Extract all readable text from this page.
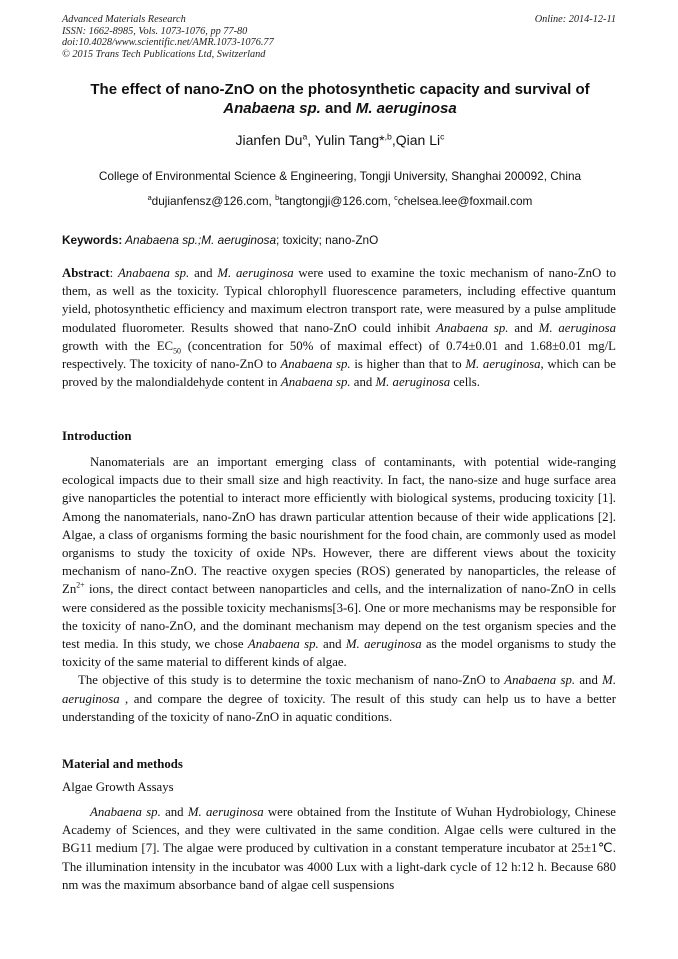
Advanced Materials Research
ISSN: 1662-8985, Vols. 1073-1076, pp 77-80
doi:10.4028/www.scientific.net/AMR.1073-1076.77
© 2015 Trans Tech Publications Ltd, Switzerland
Online: 2014-12-11
The effect of nano-ZnO on the photosynthetic capacity and survival of
Anabaena sp. and M. aeruginosa
Jianfen Du$^a$, Yulin Tang*$^{,b}$,Qian Li$^c$
College of Environmental Science & Engineering, Tongji University, Shanghai 200092, China
$^a$dujianfensz@126.com, $^b$tangtongji@126.com, $^c$chelsea.lee@foxmail.com
Keywords: Anabaena sp.;M. aeruginosa; toxicity; nano-ZnO

Abstract: Anabaena sp. and M. aeruginosa were used to examine the toxic mechanism of nano-ZnO to them, as well as the toxicity. Typical chlorophyll fluorescence parameters, including effective quantum yield, photosynthetic efficiency and maximum electron transport rate, were measured by a pulse amplitude modulated fluorometer. Results showed that nano-ZnO could inhibit Anabaena sp. and M. aeruginosa growth with the $EC_{50}$ (concentration for 50% of maximal effect) of 0.74±0.01 and 1.68±0.01 mg/L respectively. The toxicity of nano-ZnO to Anabaena sp. is higher than that to M. aeruginosa, which can be proved by the malondialdehyde content in Anabaena sp. and M. aeruginosa cells.

Introduction

Nanomaterials are an important emerging class of contaminants, with potential wide-ranging ecological impacts due to their small size and high reactivity. In fact, the nano-size and huge surface area give nanoparticles the potential to interact more efficiently with biological systems, producing toxicity [1]. Among the nanomaterials, nano-ZnO has drawn particular attention because of their wide applications [2]. Algae, a class of organisms forming the basic nourishment for the food chain, are commonly used as model organisms to study the toxicity of oxide NPs. However, there are different views about the toxicity mechanism of nano-ZnO. The reactive oxygen species (ROS) generated by nanoparticles, the release of $Zn^{2+}$ ions, the direct contact between nanoparticles and cells, and the internalization of nano-ZnO in cells were considered as the possible toxicity mechanisms[3-6]. One or more mechanisms may be responsible for the toxicity of nano-ZnO, and the dominant mechanism may depend on the test organism species and the test media. In this study, we chose Anabaena sp. and M. aeruginosa as the model organisms to study the toxicity of the same material to different kinds of algae.

The objective of this study is to determine the toxic mechanism of nano-ZnO to Anabaena sp. and M. aeruginosa , and compare the degree of toxicity. The result of this study can help us to have a better understanding of the toxicity of nano-ZnO in aquatic conditions.

Material and methods
Algae Growth Assays

Anabaena sp. and M. aeruginosa were obtained from the Institute of Wuhan Hydrobiology, Chinese Academy of Sciences, and they were cultivated in the same condition. Algae cells were cultured in the BG11 medium [7]. The algae were produced by cultivation in a constant temperature incubator at 25±1℃. The illumination intensity in the incubator was 4000 Lux with a light-dark cycle of 12 h:12 h. Because 680 nm was the maximum absorbance band of algae cell suspensions
